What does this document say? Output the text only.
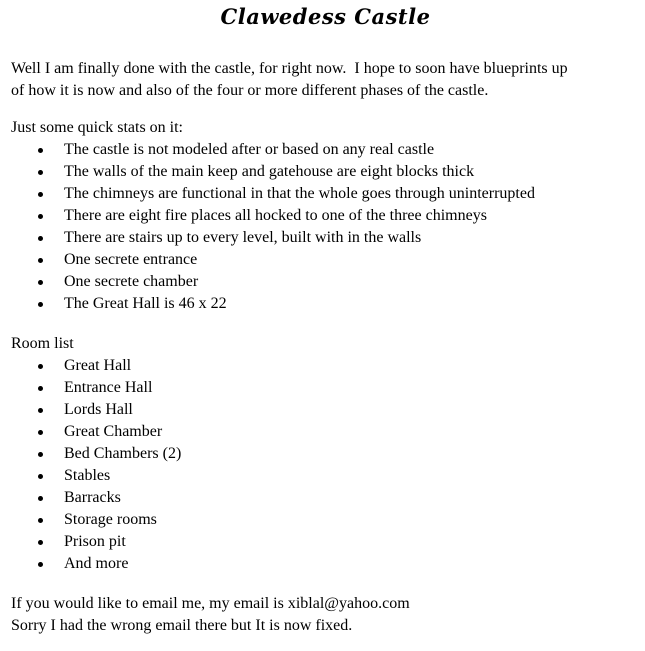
Clawedess Castle
Well I am finally done with the castle, for right now.  I hope to soon have blueprints up
of how it is now and also of the four or more different phases of the castle.
Just some quick stats on it:
The castle is not modeled after or based on any real castle
The walls of the main keep and gatehouse are eight blocks thick
The chimneys are functional in that the whole goes through uninterrupted
There are eight fire places all hocked to one of the three chimneys
There are stairs up to every level, built with in the walls
One secrete entrance
One secrete chamber
The Great Hall is 46 x 22
Room list
Great Hall
Entrance Hall
Lords Hall
Great Chamber
Bed Chambers (2)
Stables
Barracks
Storage rooms
Prison pit
And more
If you would like to email me, my email is xiblal@yahoo.com
Sorry I had the wrong email there but It is now fixed.
